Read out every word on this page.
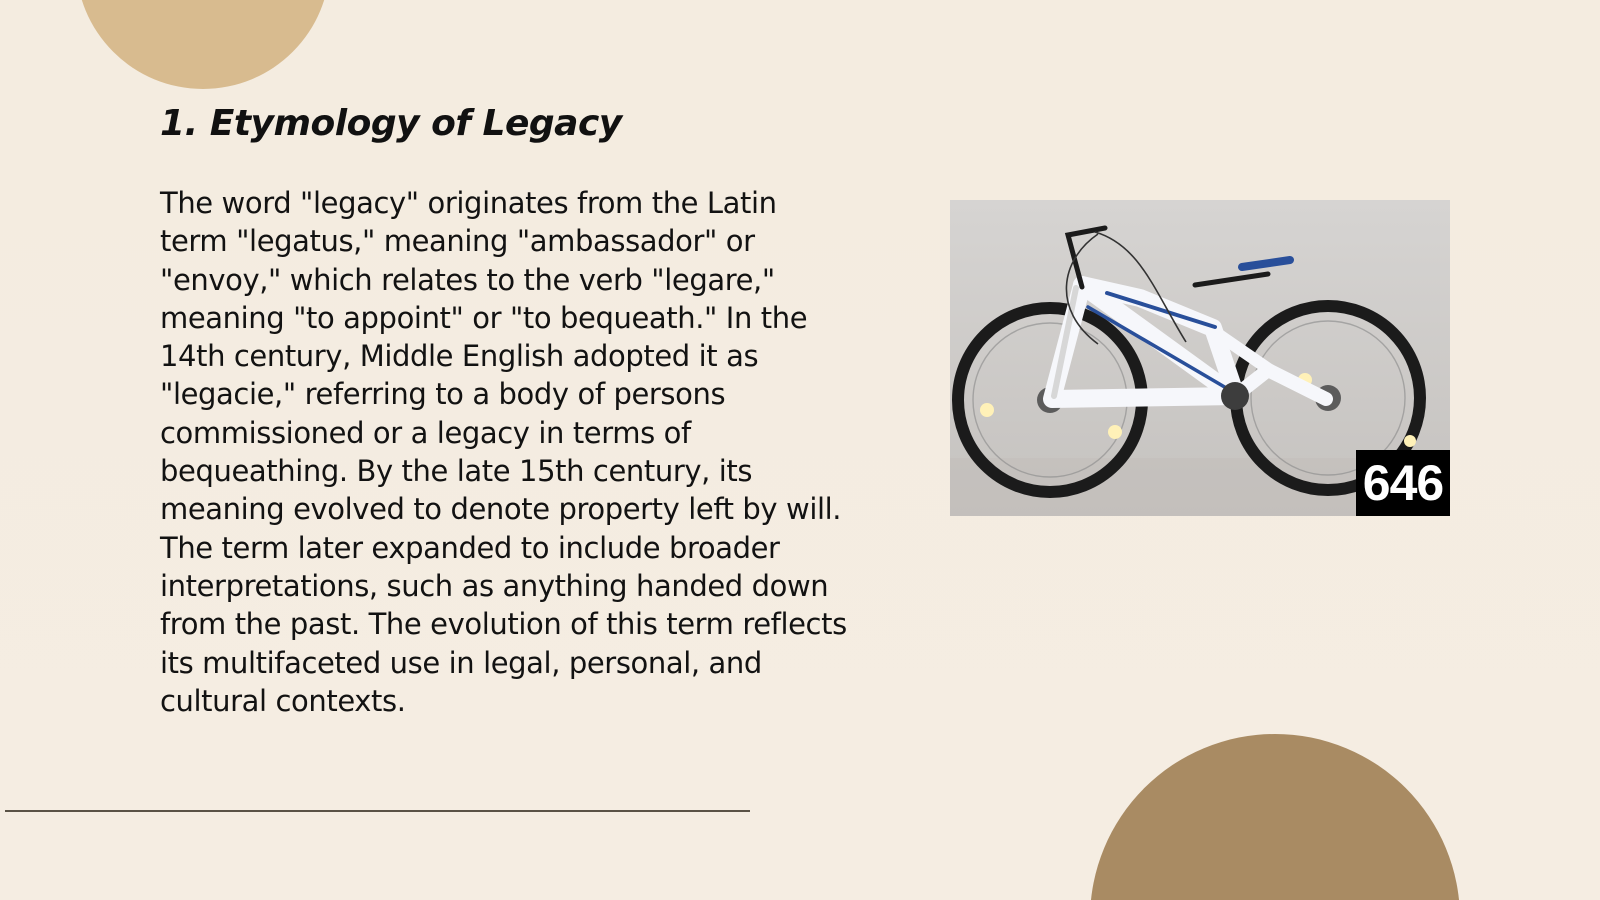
1. Etymology of Legacy

The word "legacy" originates from the Latin term "legatus," meaning "ambassador" or "envoy," which relates to the verb "legare," meaning "to appoint" or "to bequeath." In the 14th century, Middle English adopted it as "legacie," referring to a body of persons commissioned or a legacy in terms of bequeathing. By the late 15th century, its meaning evolved to denote property left by will. The term later expanded to include broader interpretations, such as anything handed down from the past. The evolution of this term reflects its multifaceted use in legal, personal, and cultural contexts.

646
